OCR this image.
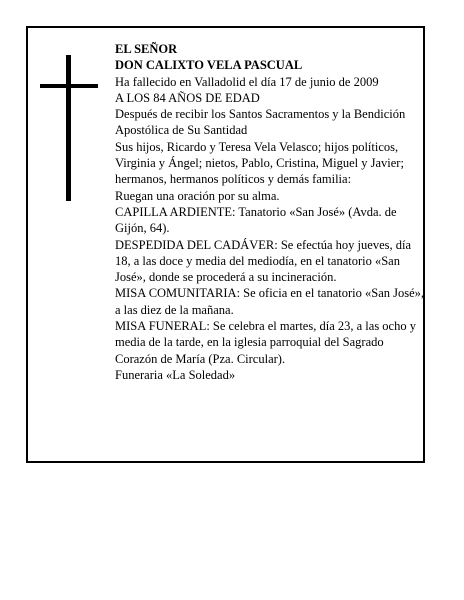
EL SEÑOR

DON CALIXTO VELA PASCUAL

Ha fallecido en Valladolid el día 17 de junio de 2009

A LOS 84 AÑOS DE EDAD

Después de recibir los Santos Sacramentos y la Bendición Apostólica de Su Santidad

Sus hijos, Ricardo y Teresa Vela Velasco; hijos políticos, Virginia y Ángel; nietos, Pablo, Cristina, Miguel y Javier; hermanos, hermanos políticos y demás familia:

Ruegan una oración por su alma.

CAPILLA ARDIENTE: Tanatorio «San José» (Avda. de Gijón, 64).

DESPEDIDA DEL CADÁVER: Se efectúa hoy jueves, día 18, a las doce y media del mediodía, en el tanatorio «San José», donde se procederá a su incineración.

MISA COMUNITARIA: Se oficia en el tanatorio «San José», a las diez de la mañana.

MISA FUNERAL: Se celebra el martes, día 23, a las ocho y media de la tarde, en la iglesia parroquial del Sagrado Corazón de María (Pza. Circular).

Funeraria «La Soledad»
